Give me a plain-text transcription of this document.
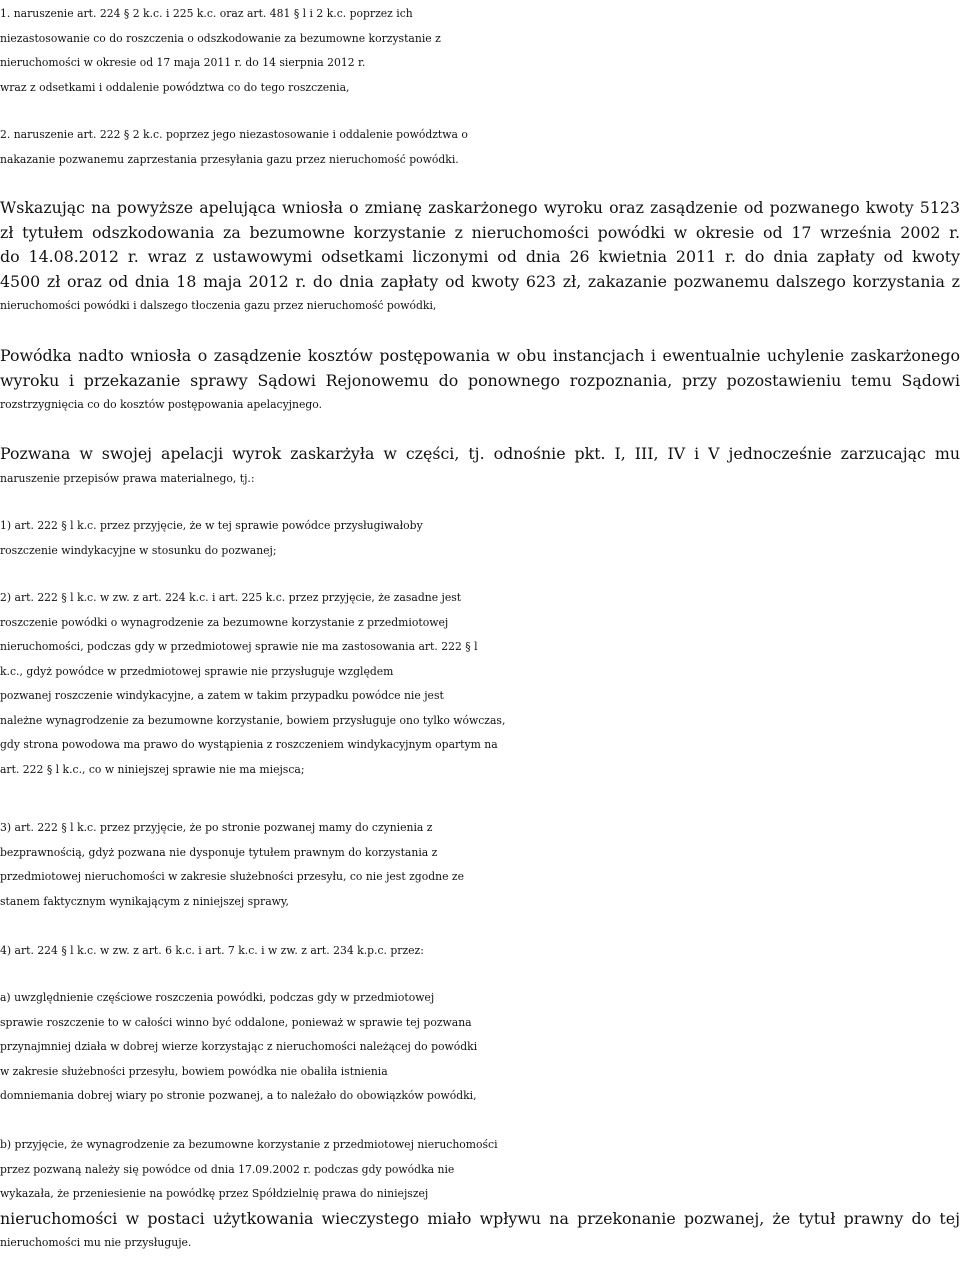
1. naruszenie art. 224 § 2 k.c. i 225 k.c. oraz art. 481 § l i 2 k.c. poprzez ich
niezastosowanie co do roszczenia o odszkodowanie za bezumowne korzystanie z
nieruchomości w okresie od 17 maja 2011 r. do 14 sierpnia 2012 r.
wraz z odsetkami i oddalenie powództwa co do tego roszczenia,
2. naruszenie art. 222 § 2 k.c. poprzez jego niezastosowanie i oddalenie powództwa o
nakazanie pozwanemu zaprzestania przesyłania gazu przez nieruchomość powódki.
Wskazując na powyższe apelująca wniosła o zmianę zaskarżonego wyroku oraz zasądzenie od pozwanego kwoty 5123
zł tytułem odszkodowania za bezumowne korzystanie z nieruchomości powódki w okresie od 17 września 2002 r.
do 14.08.2012 r. wraz z ustawowymi odsetkami liczonymi od dnia 26 kwietnia 2011 r. do dnia zapłaty od kwoty
4500 zł oraz od dnia 18 maja 2012 r. do dnia zapłaty od kwoty 623 zł, zakazanie pozwanemu dalszego korzystania z
nieruchomości powódki i dalszego tłoczenia gazu przez nieruchomość powódki,
Powódka nadto wniosła o zasądzenie kosztów postępowania w obu instancjach i ewentualnie uchylenie zaskarżonego
wyroku i przekazanie sprawy Sądowi Rejonowemu do ponownego rozpoznania, przy pozostawieniu temu Sądowi
rozstrzygnięcia co do kosztów postępowania apelacyjnego.
Pozwana w swojej apelacji wyrok zaskarżyła w części, tj. odnośnie pkt. I, III, IV i V jednocześnie zarzucając mu
naruszenie przepisów prawa materialnego, tj.:
1) art. 222 § l k.c. przez przyjęcie, że w tej sprawie powódce przysługiwałoby
roszczenie windykacyjne w stosunku do pozwanej;
2) art. 222 § l k.c. w zw. z art. 224 k.c. i art. 225 k.c. przez przyjęcie, że zasadne jest
roszczenie powódki o wynagrodzenie za bezumowne korzystanie z przedmiotowej
nieruchomości, podczas gdy w przedmiotowej sprawie nie ma zastosowania art. 222 § l
k.c., gdyż powódce w przedmiotowej sprawie nie przysługuje względem
pozwanej roszczenie windykacyjne, a zatem w takim przypadku powódce nie jest
należne wynagrodzenie za bezumowne korzystanie, bowiem przysługuje ono tylko wówczas,
gdy strona powodowa ma prawo do wystąpienia z roszczeniem windykacyjnym opartym na
art. 222 § l k.c., co w niniejszej sprawie nie ma miejsca;
3) art. 222 § l k.c. przez przyjęcie, że po stronie pozwanej mamy do czynienia z
bezprawnością, gdyż pozwana nie dysponuje tytułem prawnym do korzystania z
przedmiotowej nieruchomości w zakresie służebności przesyłu, co nie jest zgodne ze
stanem faktycznym wynikającym z niniejszej sprawy,
4) art. 224 § l k.c. w zw. z art. 6 k.c. i art. 7 k.c. i w zw. z art. 234 k.p.c. przez:
a) uwzględnienie częściowe roszczenia powódki, podczas gdy w przedmiotowej
sprawie roszczenie to w całości winno być oddalone, ponieważ w sprawie tej pozwana
przynajmniej działa w dobrej wierze korzystając z nieruchomości należącej do powódki
w zakresie służebności przesyłu, bowiem powódka nie obaliła istnienia
domniemania dobrej wiary po stronie pozwanej, a to należało do obowiązków powódki,
b) przyjęcie, że wynagrodzenie za bezumowne korzystanie z przedmiotowej nieruchomości
przez pozwaną należy się powódce od dnia 17.09.2002 r. podczas gdy powódka nie
wykazała, że przeniesienie na powódkę przez Spółdzielnię prawa do niniejszej
nieruchomości w postaci użytkowania wieczystego miało wpływu na przekonanie pozwanej, że tytuł prawny do tej
nieruchomości mu nie przysługuje.
